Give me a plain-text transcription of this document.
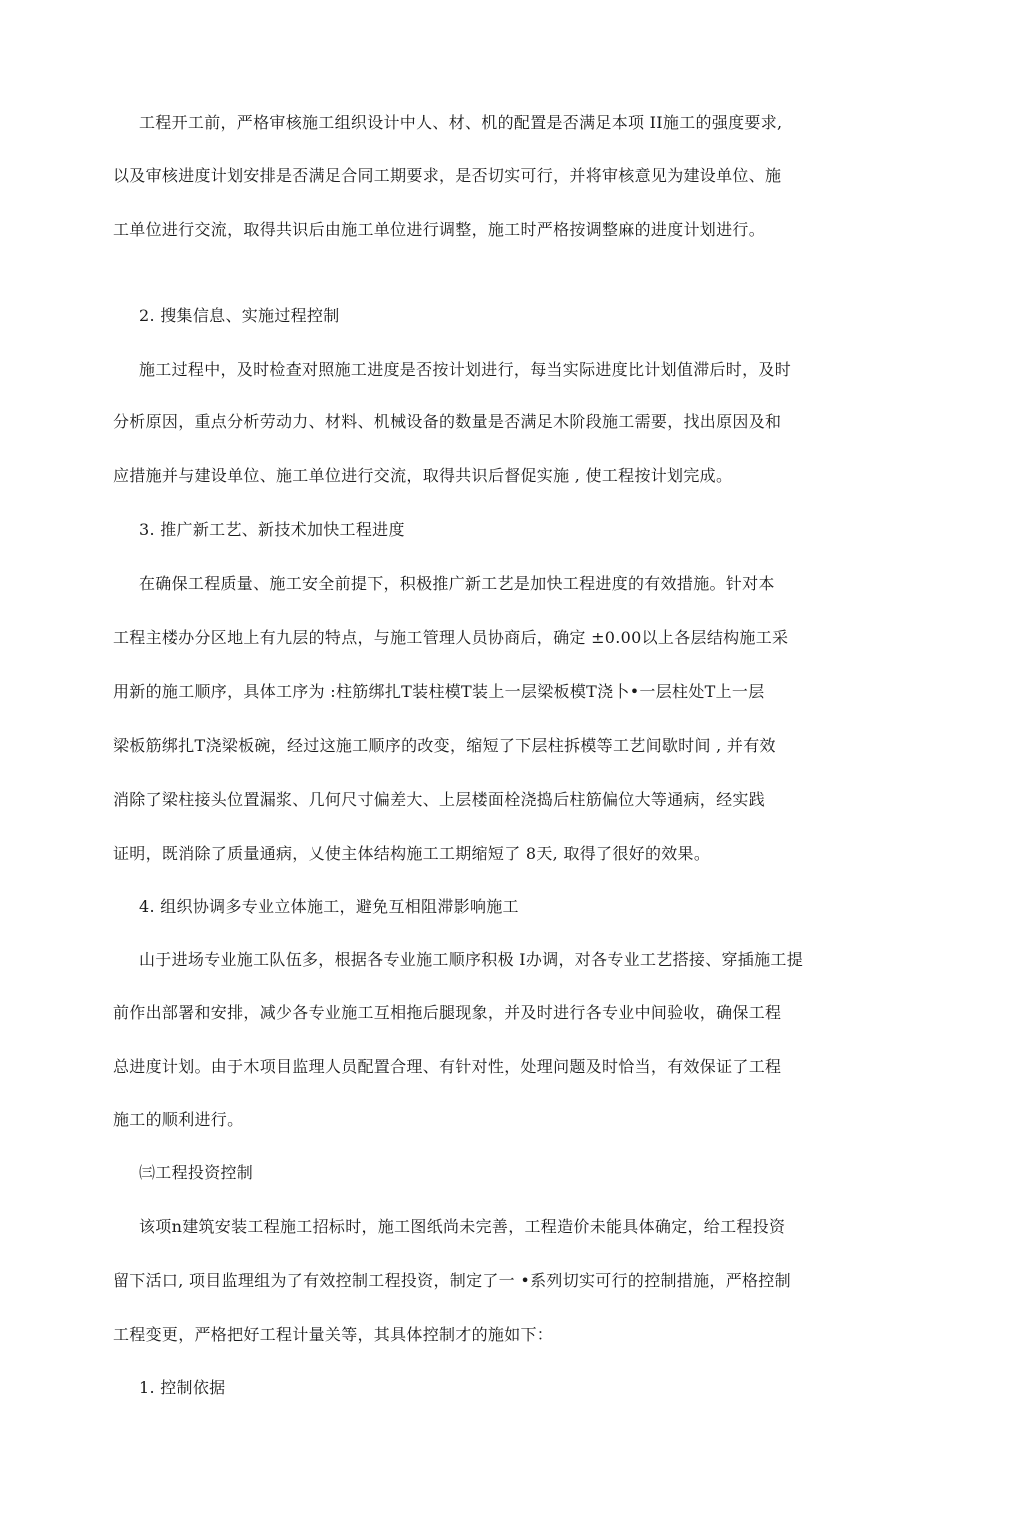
工程开工前，严格审核施工组织设计中人、材、机的配置是否满足本项 II施工的强度要求,
以及审核进度计划安排是否满足合同工期要求，是否切实可行，并将审核意见为建设单位、施
工单位进行交流，取得共识后由施工单位进行调整，施工时严格按调整麻的进度计划进行。
2. 搜集信息、实施过程控制
施工过程中，及时检查对照施工进度是否按计划进行，每当实际进度比计划值滞后时，及时
分析原因，重点分析劳动力、材料、机械设备的数量是否满足木阶段施工需要，找出原因及和
应措施并与建设单位、施工单位进行交流，取得共识后督促实施 , 使工程按计划完成。
3. 推广新工艺、新技术加快工程进度
在确保工程质量、施工安全前提下，积极推广新工艺是加快工程进度的有效措施。针对本
工程主楼办分区地上有九层的特点，与施工管理人员协商后，确定 ±0.00以上各层结构施工采
用新的施工顺序，具体工序为 :柱筋绑扎T装柱模T装上一层梁板模T浇卜•一层柱处T上一层
梁板筋绑扎T浇梁板碗，经过这施工顺序的改变，缩短了下层柱拆模等工艺间歇时间 , 并有效
消除了梁柱接头位置漏浆、几何尺寸偏差大、上层楼面栓浇捣后柱筋偏位大等通病，经实践
证明，既消除了质量通病，乂使主体结构施工工期缩短了 8天, 取得了很好的效果。
4. 组织协调多专业立体施工，避免互相阻滞影响施工
山于进场专业施工队伍多，根据各专业施工顺序积极 I办调，对各专业工艺搭接、穿插施工提
前作出部署和安排，减少各专业施工互相拖后腿现象，并及时进行各专业中间验收，确保工程
总进度计划。由于木项目监理人员配置合理、有针对性，处理问题及时恰当，有效保证了工程
施工的顺利进行。
㈢工程投资控制
该项n建筑安装工程施工招标时，施工图纸尚未完善，工程造价未能具体确定，给工程投资
留下活口, 项目监理组为了有效控制工程投资，制定了一 •系列切实可行的控制措施，严格控制
工程变更，严格把好工程计量关等，其具体控制才的施如下：
1. 控制依据
